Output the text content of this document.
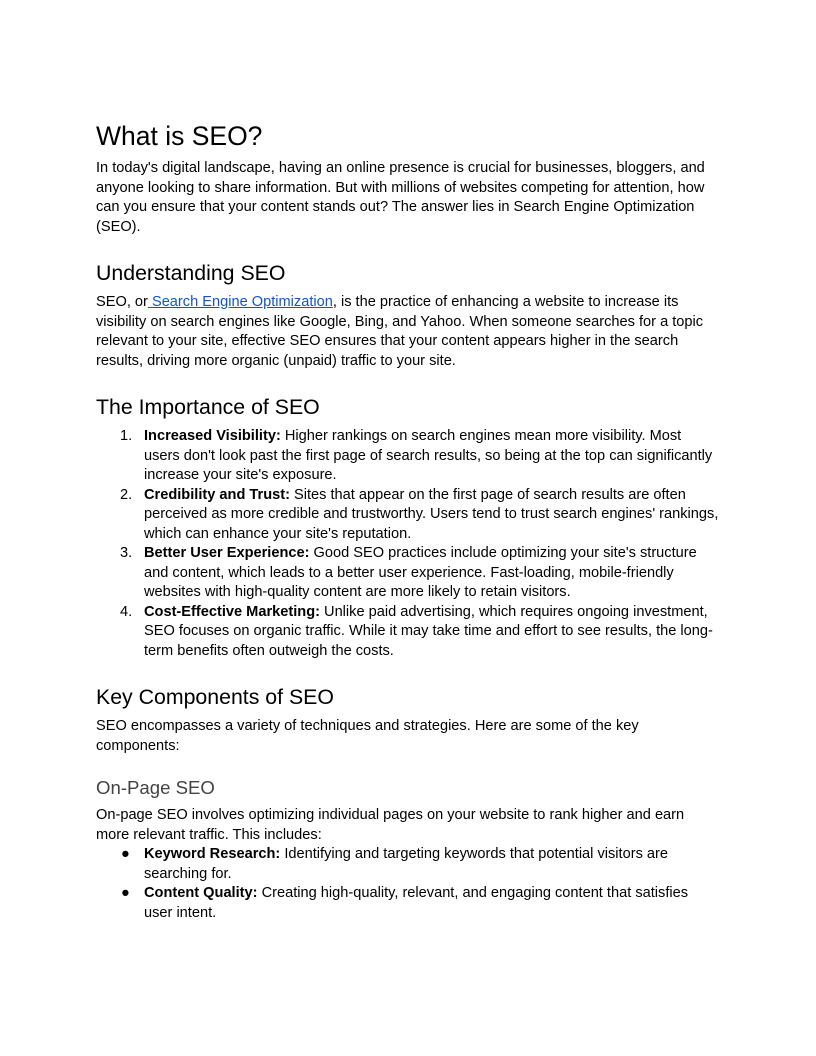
What is SEO?

In today's digital landscape, having an online presence is crucial for businesses, bloggers, and anyone looking to share information. But with millions of websites competing for attention, how can you ensure that your content stands out? The answer lies in Search Engine Optimization (SEO).

Understanding SEO

SEO, or Search Engine Optimization, is the practice of enhancing a website to increase its visibility on search engines like Google, Bing, and Yahoo. When someone searches for a topic relevant to your site, effective SEO ensures that your content appears higher in the search results, driving more organic (unpaid) traffic to your site.

The Importance of SEO
1. Increased Visibility: Higher rankings on search engines mean more visibility. Most users don't look past the first page of search results, so being at the top can significantly increase your site's exposure.
2. Credibility and Trust: Sites that appear on the first page of search results are often perceived as more credible and trustworthy. Users tend to trust search engines' rankings, which can enhance your site's reputation.
3. Better User Experience: Good SEO practices include optimizing your site's structure and content, which leads to a better user experience. Fast-loading, mobile-friendly websites with high-quality content are more likely to retain visitors.
4. Cost-Effective Marketing: Unlike paid advertising, which requires ongoing investment, SEO focuses on organic traffic. While it may take time and effort to see results, the long-term benefits often outweigh the costs.
Key Components of SEO

SEO encompasses a variety of techniques and strategies. Here are some of the key components:

On-Page SEO

On-page SEO involves optimizing individual pages on your website to rank higher and earn more relevant traffic. This includes:

● Keyword Research: Identifying and targeting keywords that potential visitors are searching for.
● Content Quality: Creating high-quality, relevant, and engaging content that satisfies user intent.
